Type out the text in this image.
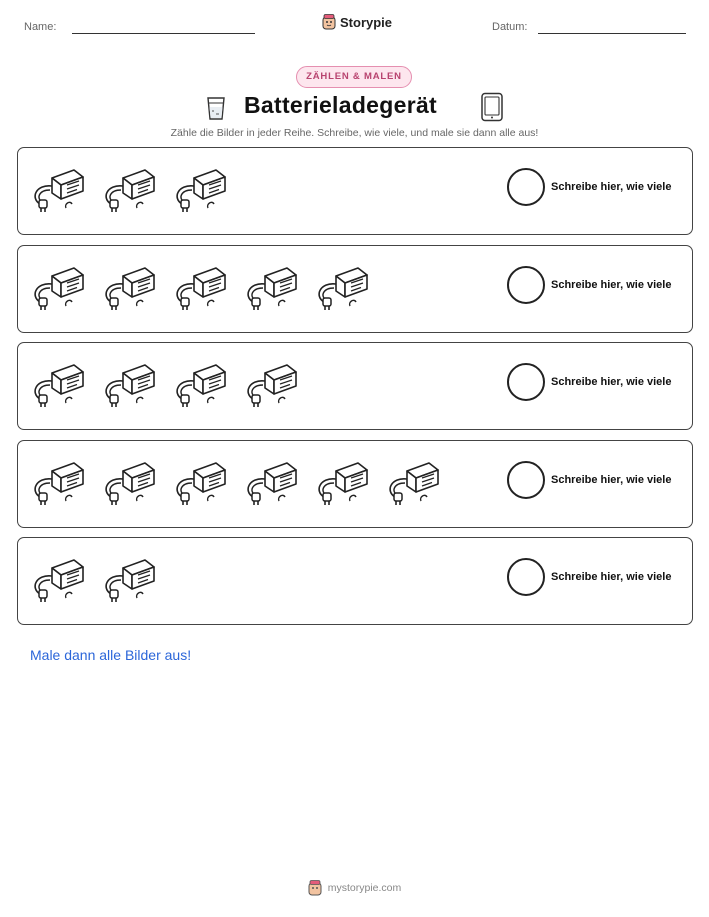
Name:	Storypie	Datum:
ZÄHLEN & MALEN
Batterieladegerät
Zähle die Bilder in jeder Reihe. Schreibe, wie viele, und male sie dann alle aus!
Schreibe hier, wie viele
Schreibe hier, wie viele
Schreibe hier, wie viele
Schreibe hier, wie viele
Schreibe hier, wie viele
Male dann alle Bilder aus!
mystorypie.com
